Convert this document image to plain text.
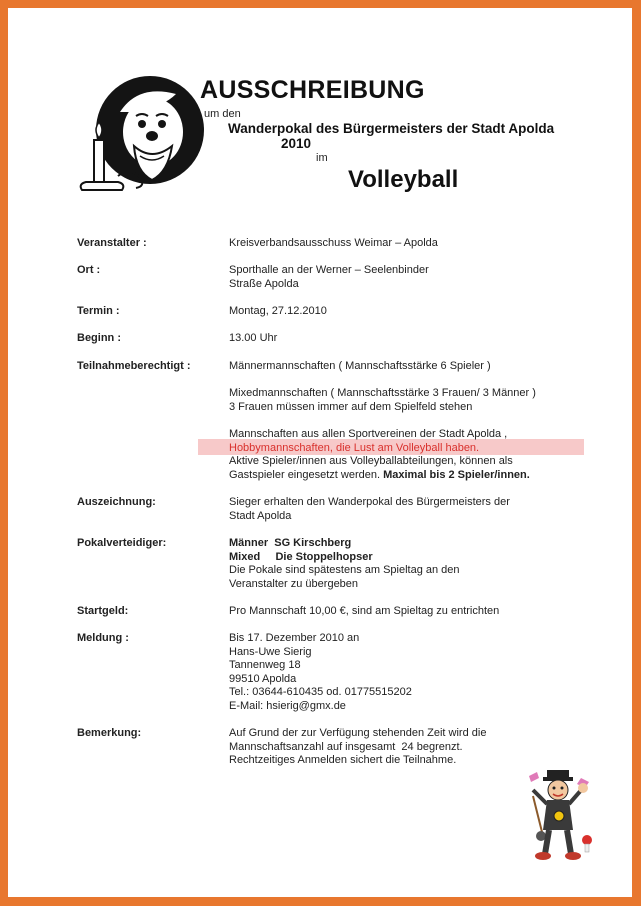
AUSSCHREIBUNG
um den
Wanderpokal des Bürgermeisters der Stadt Apolda
2010
im
Volleyball
Veranstalter :	Kreisverbandsausschuss Weimar – Apolda
Ort :	Sporthalle an der Werner – Seelenbinder
Straße Apolda
Termin :	Montag, 27.12.2010
Beginn :	13.00 Uhr
Teilnahmeberechtigt :	Männermannschaften ( Mannschaftsstärke 6 Spieler )
Mixedmannschaften ( Mannschaftsstärke 3 Frauen/ 3 Männer )
3 Frauen müssen immer auf dem Spielfeld stehen
Mannschaften aus allen Sportvereinen der Stadt Apolda ,
Hobbymannschaften, die Lust am Volleyball haben.
Aktive Spieler/innen aus Volleyballabteilungen, können als
Gastspieler eingesetzt werden. Maximal bis 2 Spieler/innen.
Auszeichnung:	Sieger erhalten den Wanderpokal des Bürgermeisters der
Stadt Apolda
Pokalverteidiger:	Männer  SG Kirschberg
Mixed     Die Stoppelhopser
Die Pokale sind spätestens am Spieltag an den
Veranstalter zu übergeben
Startgeld:	Pro Mannschaft 10,00 €, sind am Spieltag zu entrichten
Meldung :	Bis 17. Dezember 2010 an
Hans-Uwe Sierig
Tannenweg 18
99510 Apolda
Tel.: 03644-610435 od. 01775515202
E-Mail: hsierig@gmx.de
Bemerkung:	Auf Grund der zur Verfügung stehenden Zeit wird die
Mannschaftsanzahl auf insgesamt  24 begrenzt.
Rechtzeitiges Anmelden sichert die Teilnahme.
